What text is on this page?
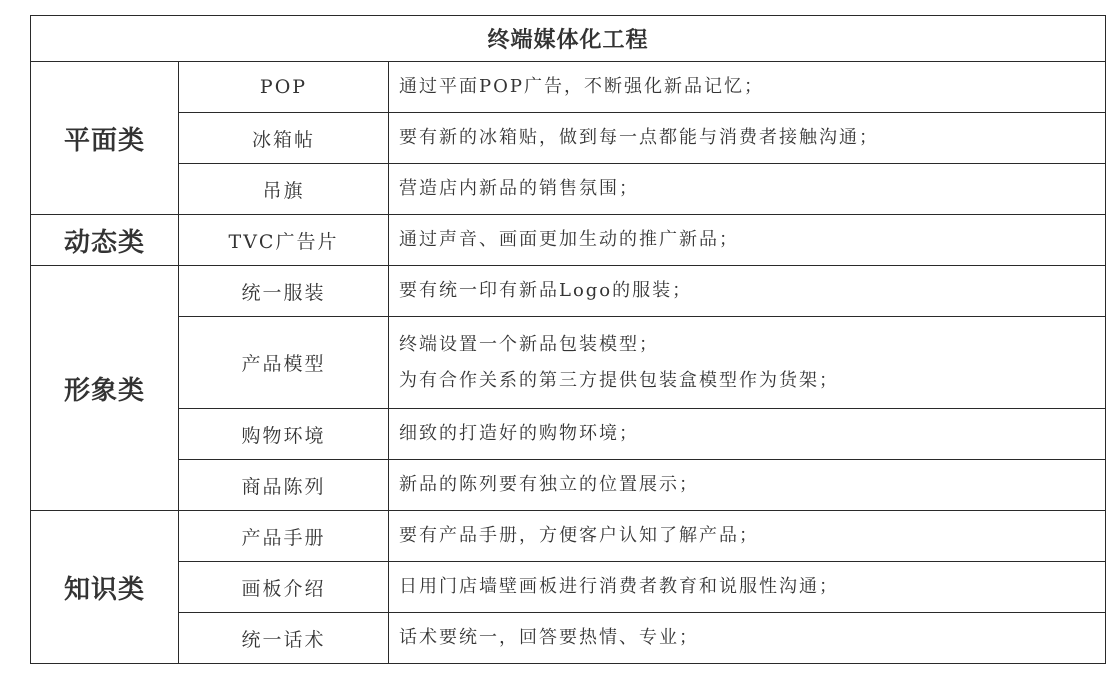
终端媒体化工程		
平面类	POP	通过平面POP广告，不断强化新品记忆；

	冰箱帖	要有新的冰箱贴，做到每一点都能与消费者接触沟通；

	吊旗	营造店内新品的销售氛围；

动态类	TVC广告片	通过声音、画面更加生动的推广新品；

形象类	统一服装	要有统一印有新品Logo的服装；

	产品模型	终端设置一个新品包装模型；
为有合作关系的第三方提供包装盒模型作为货架；

	购物环境	细致的打造好的购物环境；

	商品陈列	新品的陈列要有独立的位置展示；

知识类	产品手册	要有产品手册，方便客户认知了解产品；

	画板介绍	日用门店墙壁画板进行消费者教育和说服性沟通；

	统一话术	话术要统一，回答要热情、专业；
